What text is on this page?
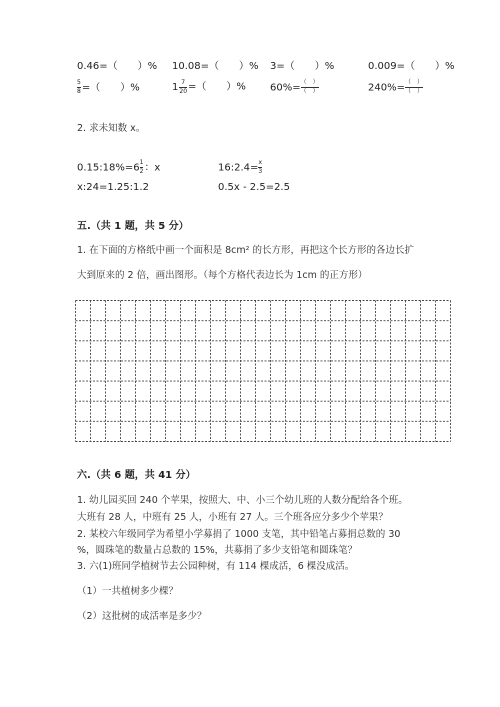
0.46=（　　）% 10.08=（　　）% 3=（　　）%	0.009=（　　）%
$\frac{5}{8}$ =（　　）%	$1 \frac{7}{20}$ =（　　）% $60\%= \frac{( )}{( )}$	$240\%= \frac{( )}{( )}$
2. 求未知数 x。
0.15:18%=6 $\frac{1}{2}$ ：x	16:2.4= $\frac{x}{3}$
x:24=1.25:1.2	0.5x - 2.5=2.5
五.（共 1 题，共 5 分）
1. 在下面的方格纸中画一个面积是 8cm² 的长方形，再把这个长方形的各边长扩
大到原来的 2 倍，画出图形。（每个方格代表边长为 1cm 的正方形）
六.（共 6 题，共 41 分）
1. 幼儿园买回 240 个苹果，按照大、中、小三个幼儿班的人数分配给各个班。
大班有 28 人，中班有 25 人，小班有 27 人。三个班各应分多少个苹果？
2. 某校六年级同学为希望小学募捐了 1000 支笔，其中铅笔占募捐总数的 30
%，圆珠笔的数量占总数的 15%，共募捐了多少支铅笔和圆珠笔？
3. 六(1)班同学植树节去公园种树，有 114 棵成活，6 棵没成活。
（1）一共植树多少棵？
（2）这批树的成活率是多少？
